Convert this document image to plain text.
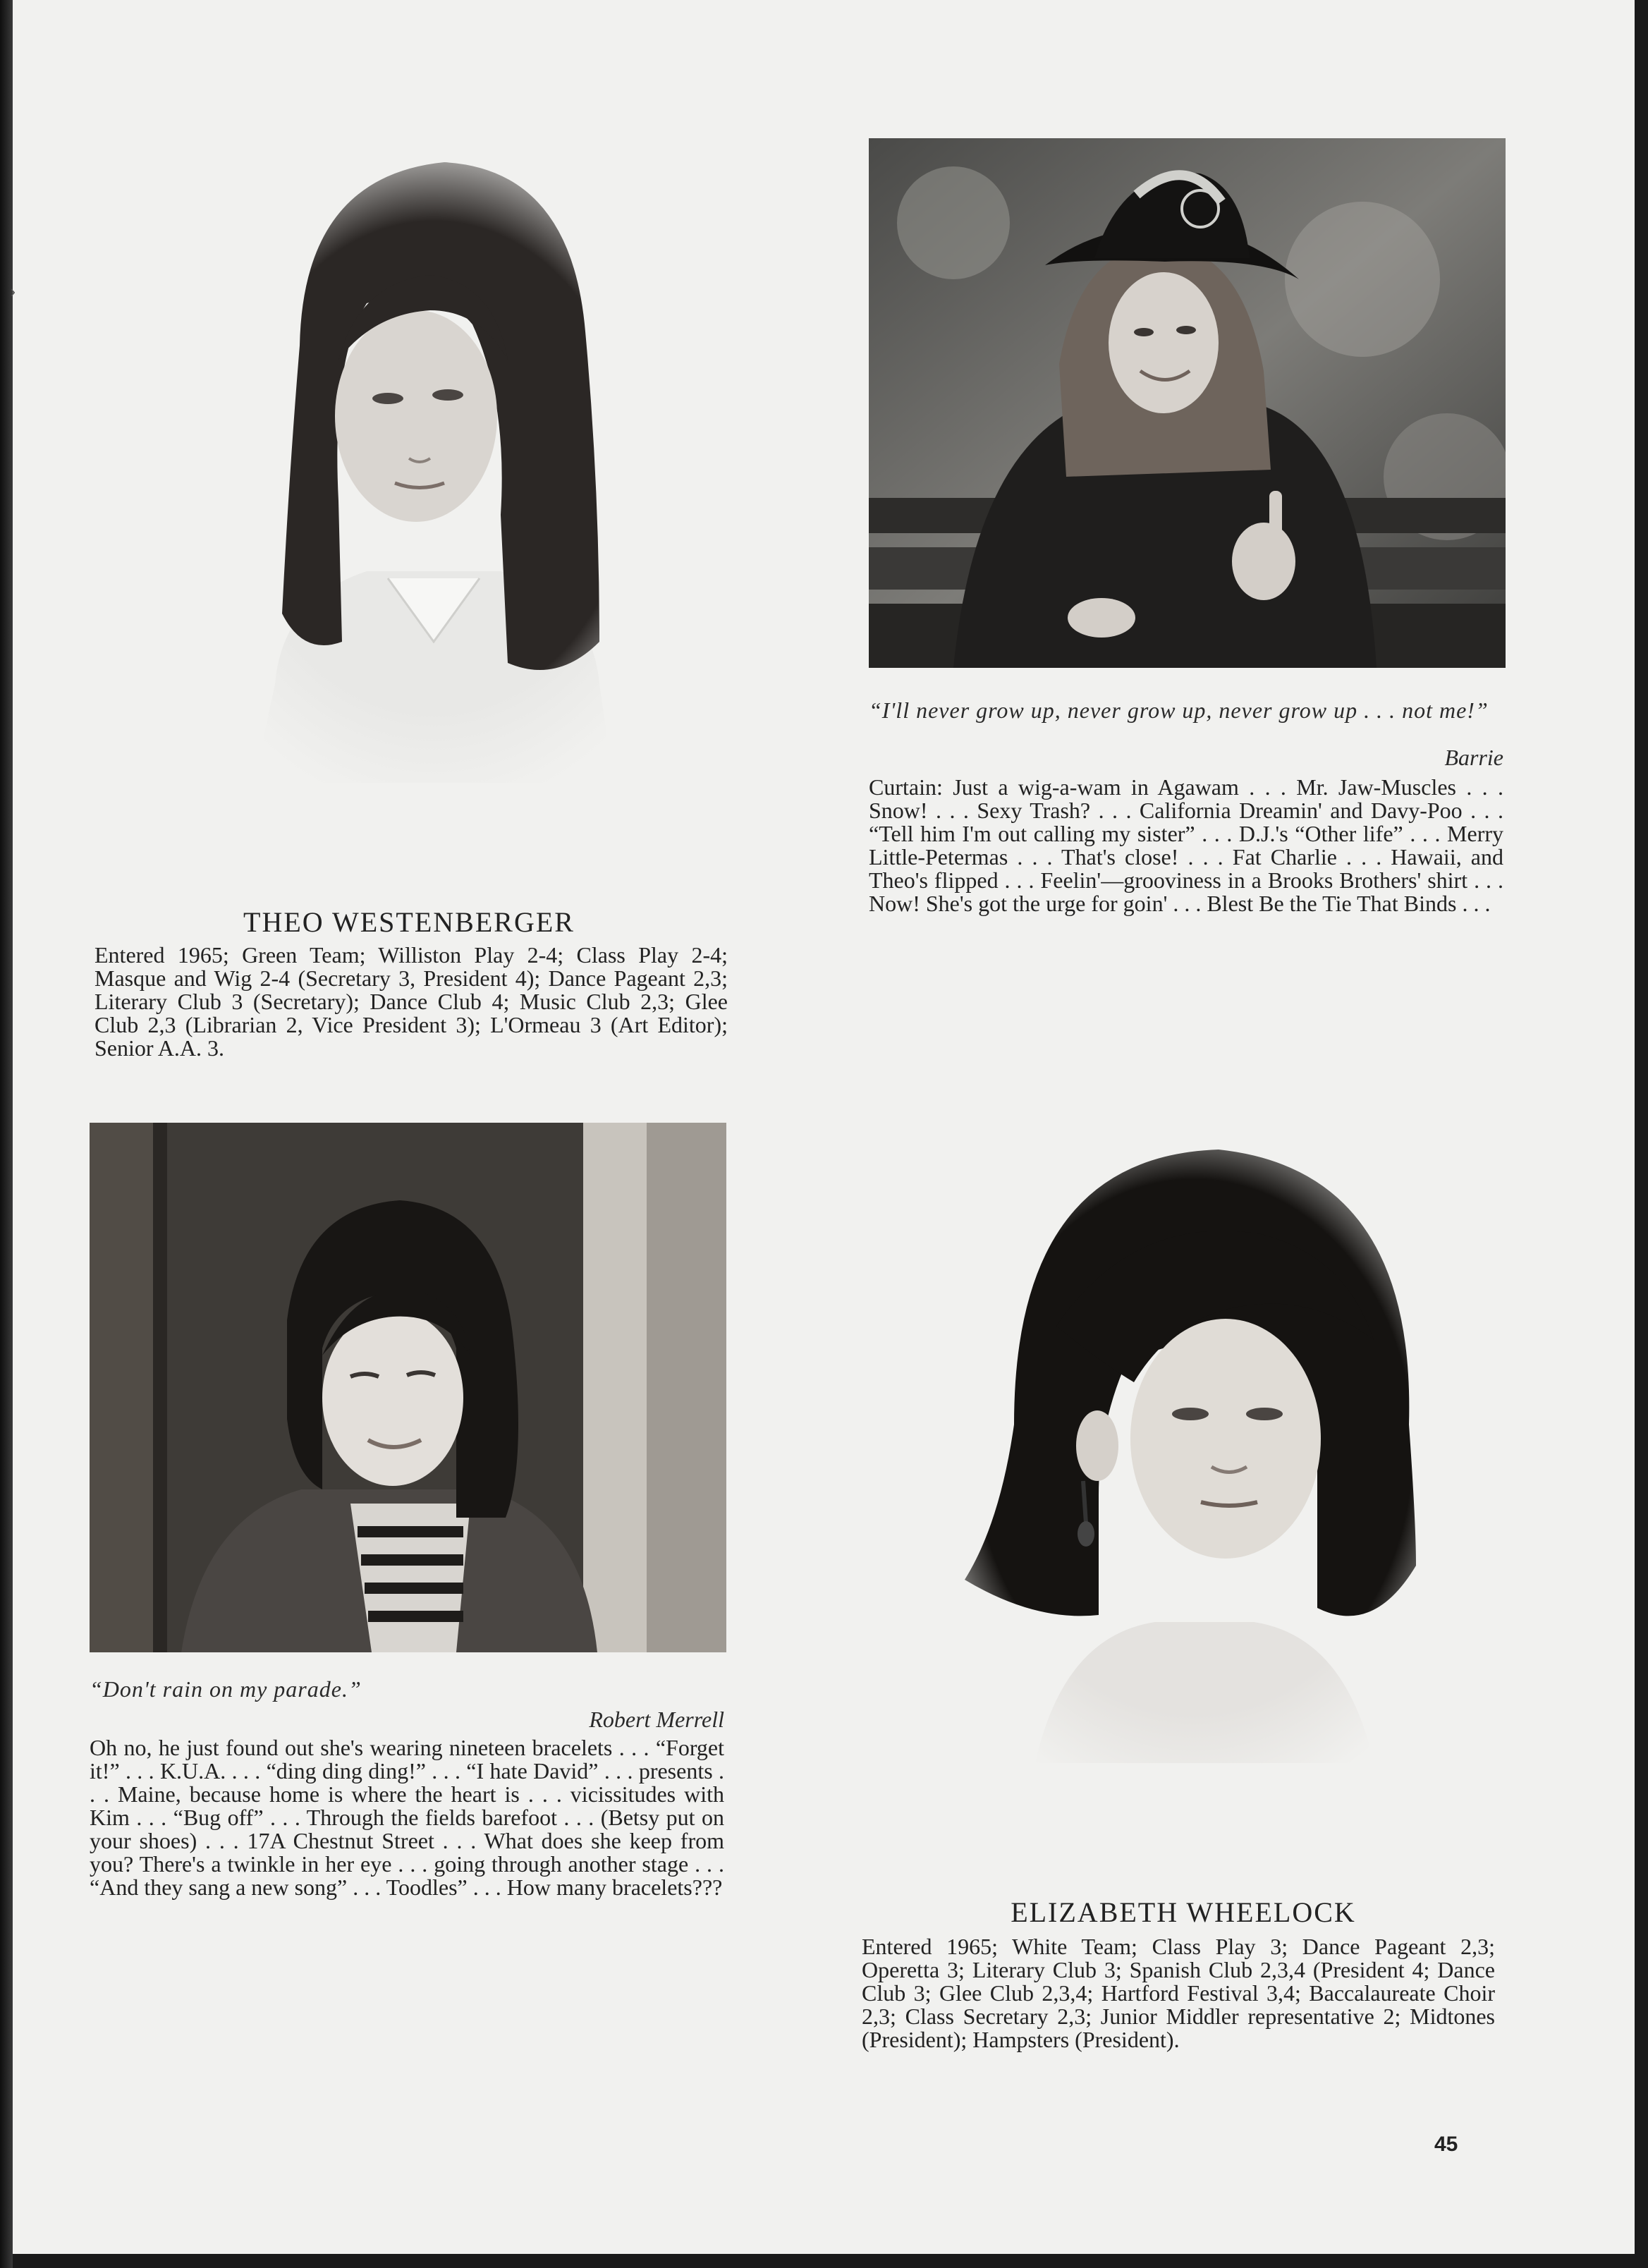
›

“I'll never grow up, never grow up, never grow up . . . not me!”

Barrie

Curtain: Just a wig-a-wam in Agawam . . . Mr. Jaw-Muscles . . . Snow! . . . Sexy Trash? . . . California Dreamin' and Davy-Poo . . . “Tell him I'm out calling my sister” . . . D.J.'s “Other life” . . . Merry Little-Petermas . . . That's close! . . . Fat Charlie . . . Hawaii, and Theo's flipped . . . Feelin'—grooviness in a Brooks Brothers' shirt . . . Now! She's got the urge for goin' . . . Blest Be the Tie That Binds . . .

THEO WESTENBERGER

Entered 1965; Green Team; Williston Play 2-4; Class Play 2-4; Masque and Wig 2-4 (Secretary 3, President 4); Dance Pageant 2,3; Literary Club 3 (Secretary); Dance Club 4; Music Club 2,3; Glee Club 2,3 (Librarian 2, Vice President 3); L'Ormeau 3 (Art Editor); Senior A.A. 3.

“Don't rain on my parade.”

Robert Merrell

Oh no, he just found out she's wearing nineteen bracelets . . . “Forget it!” . . . K.U.A. . . . “ding ding ding!” . . . “I hate David” . . . presents . . . Maine, because home is where the heart is . . . vicissitudes with Kim . . . “Bug off” . . . Through the fields barefoot . . . (Betsy put on your shoes) . . . 17A Chestnut Street . . . What does she keep from you? There's a twinkle in her eye . . . going through another stage . . . “And they sang a new song” . . . Toodles” . . . How many bracelets???

ELIZABETH WHEELOCK

Entered 1965; White Team; Class Play 3; Dance Pageant 2,3; Operetta 3; Literary Club 3; Spanish Club 2,3,4 (President 4; Dance Club 3; Glee Club 2,3,4; Hartford Festival 3,4; Baccalaureate Choir 2,3; Class Secretary 2,3; Junior Middler representative 2; Midtones (President); Hampsters (President).

45
